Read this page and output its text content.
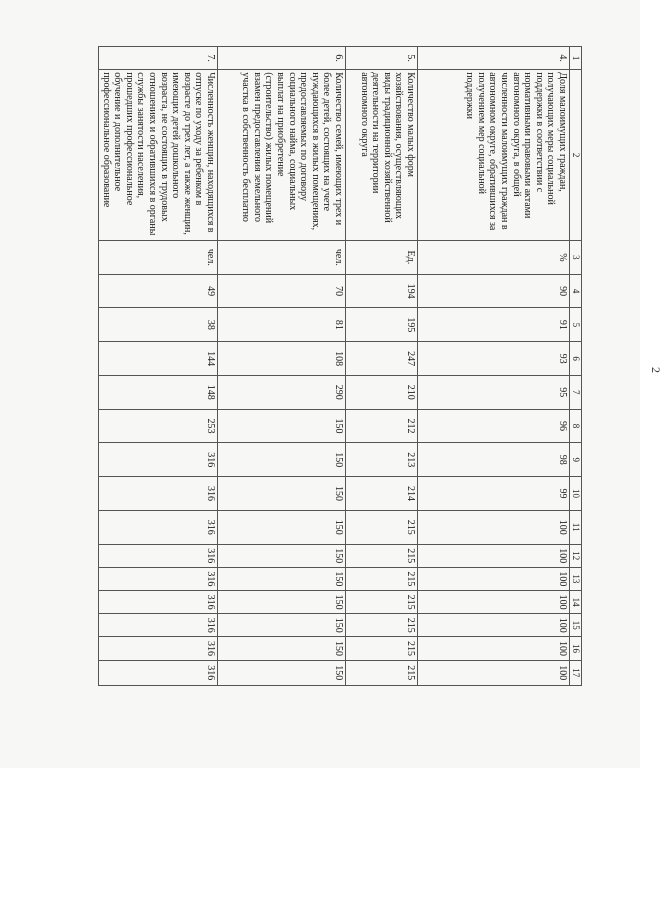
2
1	2	3	4	5	6	7	8	9	10	11	12	13	14	15	16	17
4.	Доля малоимущих граждан, получающих меры социальной поддержки в соответствии с нормативными правовыми актами автономного округа, в общей численности малоимущих граждан в автономном округе, обратившихся за получением мер социальной поддержки	%	90	91	93	95	96	98	99	100	100	100	100	100	100	100
5.	Количество малых форм хозяйствования, осуществляющих виды традиционной хозяйственной деятельности на территории автономного округа	Ед.	194	195	247	210	212	213	214	215	215	215	215	215	215	215
6.	Количество семей, имеющих трех и более детей, состоящих на учете нуждающихся в жилых помещениях, предоставляемых по договору социального найма, социальных выплат на приобретение (строительство) жилых помещений взамен предоставления земельного участка в собственность бесплатно	чел.	70	81	108	290	150	150	150	150	150	150	150	150	150	150
7.	Численность женщин, находящихся в отпуске по уходу за ребенком в возрасте до трех лет, а также женщин, имеющих детей дошкольного возраста, не состоящих в трудовых отношениях и обратившихся в органы службы занятости населения, прошедших профессиональное обучение и дополнительное профессиональное образование	чел.	49	38	144	148	253	316	316	316	316	316	316	316	316	316
